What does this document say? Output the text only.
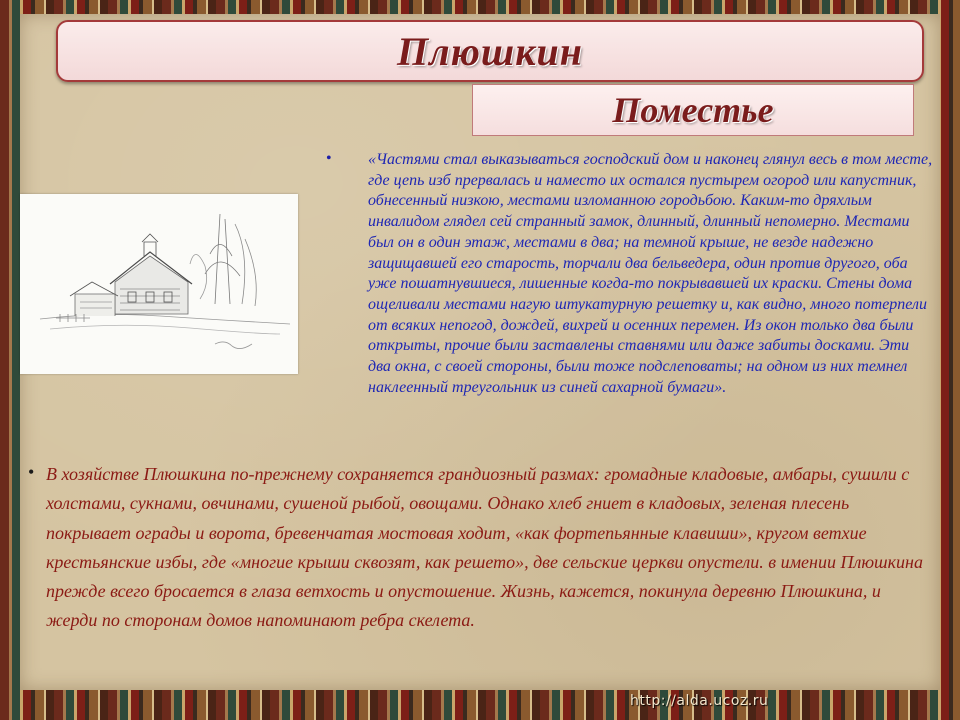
Плюшкин
Поместье
• «Частями стал выказываться господский дом и наконец глянул весь в том месте, где цепь изб прервалась и наместо их остался пустырем огород или капустник, обнесенный низкою, местами изломанною городьбою. Каким-то дряхлым инвалидом глядел сей странный замок, длинный, длинный непомерно. Местами был он в один этаж, местами в два; на темной крыше, не везде надежно защищавшей его старость, торчали два бельведера, один против другого, оба уже пошатнувшиеся, лишенные когда-то покрывавшей их краски. Стены дома ощеливали местами нагую штукатурную решетку и, как видно, много потерпели от всяких непогод, дождей, вихрей и осенних перемен. Из окон только два были открыты, прочие были заставлены ставнями или даже забиты досками. Эти два окна, с своей стороны, были тоже подслеповаты; на одном из них темнел наклеенный треугольник из синей сахарной бумаги».

• В хозяйстве Плюшкина по-прежнему сохраняется грандиозный размах: громадные кладовые, амбары, сушили с холстами, сукнами, овчинами, сушеной рыбой, овощами. Однако хлеб гниет в кладовых, зеленая плесень покрывает ограды и ворота, бревенчатая мостовая ходит, «как фортепьянные клавиши», кругом ветхие крестьянские избы, где «многие крыши сквозят, как решето», две сельские церкви опустели. в имении Плюшкина прежде всего бросается в глаза ветхость и опустошение. Жизнь, кажется, покинула деревню Плюшкина, и жерди по сторонам домов напоминают ребра скелета.

http://alda.ucoz.ru
